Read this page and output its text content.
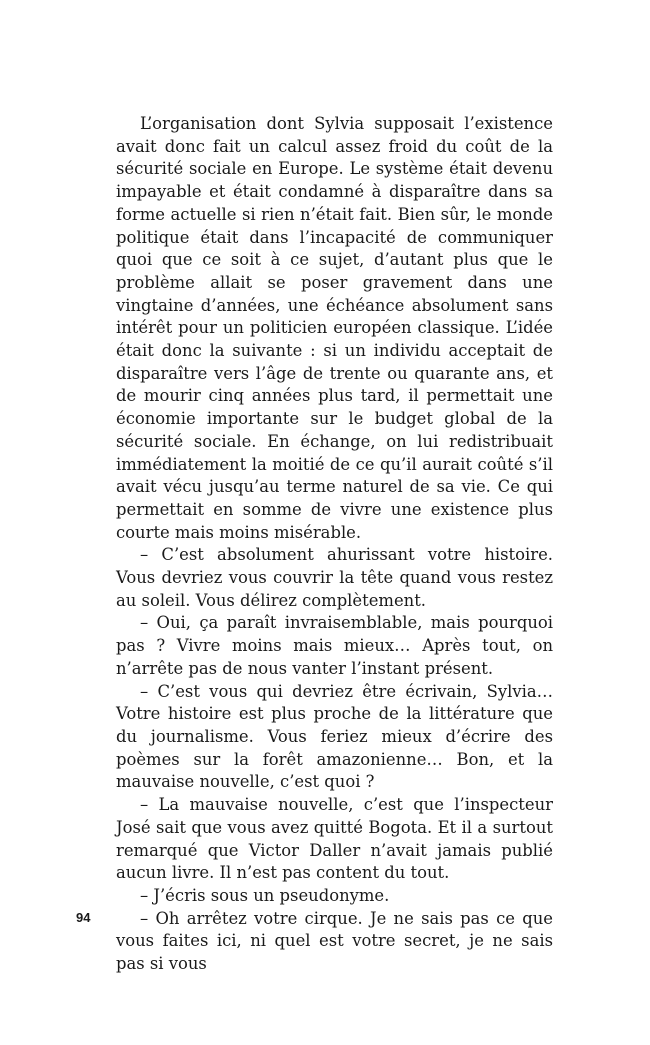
L’organisation dont Sylvia supposait l’existence avait donc fait un calcul assez froid du coût de la sécurité sociale en Europe. Le système était devenu impayable et était condamné à disparaître dans sa forme actuelle si rien n’était fait. Bien sûr, le monde politique était dans l’incapacité de communiquer quoi que ce soit à ce sujet, d’autant plus que le problème allait se poser gravement dans une vingtaine d’années, une échéance absolument sans intérêt pour un politicien européen classique. L’idée était donc la suivante : si un individu acceptait de disparaître vers l’âge de trente ou quarante ans, et de mourir cinq années plus tard, il permettait une économie importante sur le budget global de la sécurité sociale. En échange, on lui redistribuait immédiatement la moitié de ce qu’il aurait coûté s’il avait vécu jusqu’au terme naturel de sa vie. Ce qui permettait en somme de vivre une existence plus courte mais moins misérable.

– C’est absolument ahurissant votre histoire. Vous devriez vous couvrir la tête quand vous restez au soleil. Vous délirez complètement.

– Oui, ça paraît invraisemblable, mais pourquoi pas ? Vivre moins mais mieux… Après tout, on n’arrête pas de nous vanter l’instant présent.

– C’est vous qui devriez être écrivain, Sylvia… Votre histoire est plus proche de la littérature que du journalisme. Vous feriez mieux d’écrire des poèmes sur la forêt amazonienne… Bon, et la mauvaise nouvelle, c’est quoi ?

– La mauvaise nouvelle, c’est que l’inspecteur José sait que vous avez quitté Bogota. Et il a surtout remarqué que Victor Daller n’avait jamais publié aucun livre. Il n’est pas content du tout.

– J’écris sous un pseudonyme.

– Oh arrêtez votre cirque. Je ne sais pas ce que vous faites ici, ni quel est votre secret, je ne sais pas si vous

94
